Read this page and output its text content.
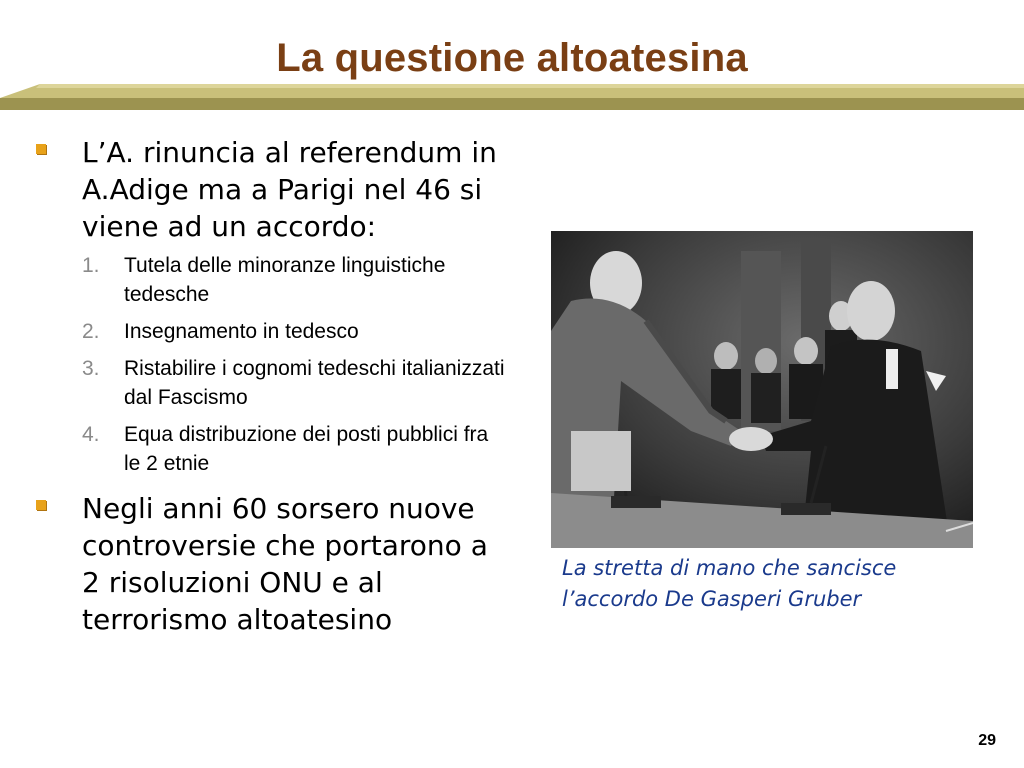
La questione altoatesina
L’A. rinuncia al referendum in A.Adige ma a Parigi nel 46 si viene ad un accordo:
1. Tutela delle minoranze linguistiche tedesche
2. Insegnamento in tedesco
3. Ristabilire i cognomi tedeschi italianizzati dal Fascismo
4. Equa distribuzione dei posti pubblici fra le 2 etnie
Negli anni 60 sorsero nuove controversie che portarono a 2 risoluzioni ONU e al terrorismo altoatesino
La stretta di mano che sancisce l’accordo De Gasperi Gruber
29
